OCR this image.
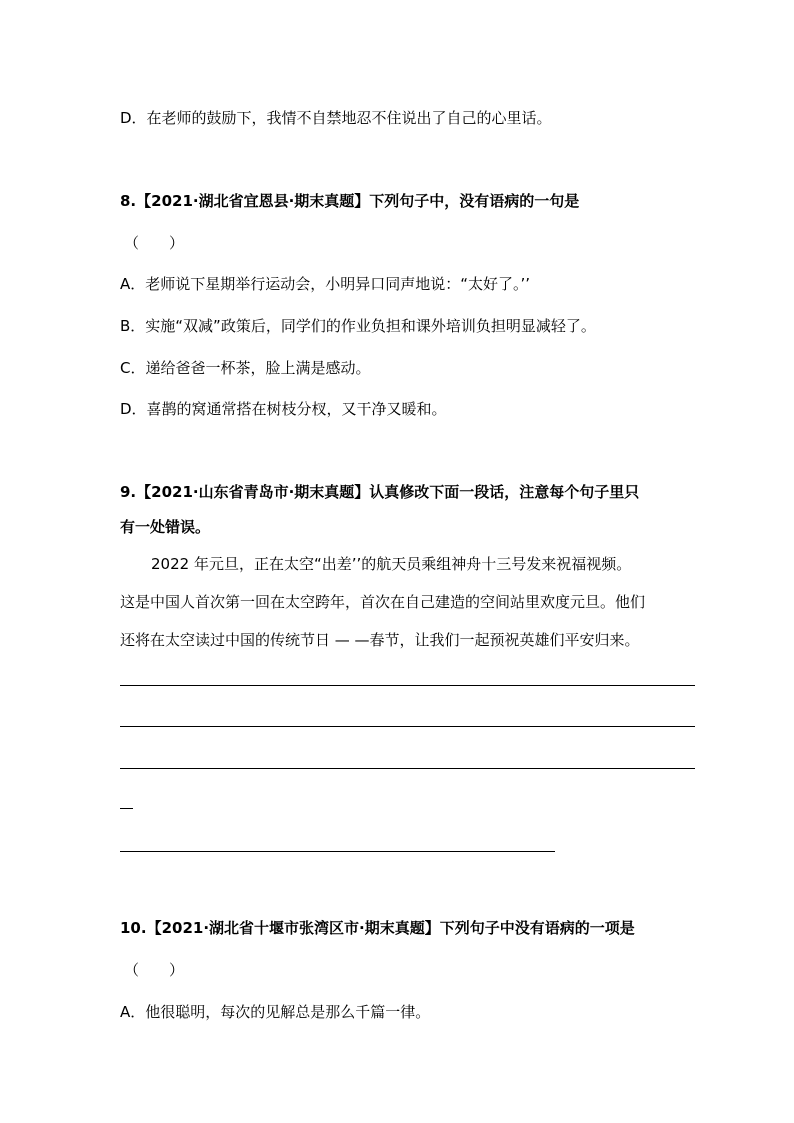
D．在老师的鼓励下，我情不自禁地忍不住说出了自己的心里话。
8.【2021·湖北省宜恩县·期末真题】下列句子中，没有语病的一句是
（　　）
A．老师说下星期举行运动会，小明异口同声地说：“太好了。’’
B．实施“双减”政策后，同学们的作业负担和课外培训负担明显减轻了。
C．递给爸爸一杯茶，脸上满是感动。
D．喜鹊的窝通常搭在树枝分杈，又干净又暖和。
9.【2021·山东省青岛市·期末真题】认真修改下面一段话，注意每个句子里只
有一处错误。
2022 年元旦，正在太空“出差’’的航天员乘组神舟十三号发来祝福视频。
这是中国人首次第一回在太空跨年，首次在自己建造的空间站里欢度元旦。他们
还将在太空读过中国的传统节日 — —春节，让我们一起预祝英雄们平安归来。
10.【2021·湖北省十堰市张湾区市·期末真题】下列句子中没有语病的一项是
（　　）
A．他很聪明，每次的见解总是那么千篇一律。
